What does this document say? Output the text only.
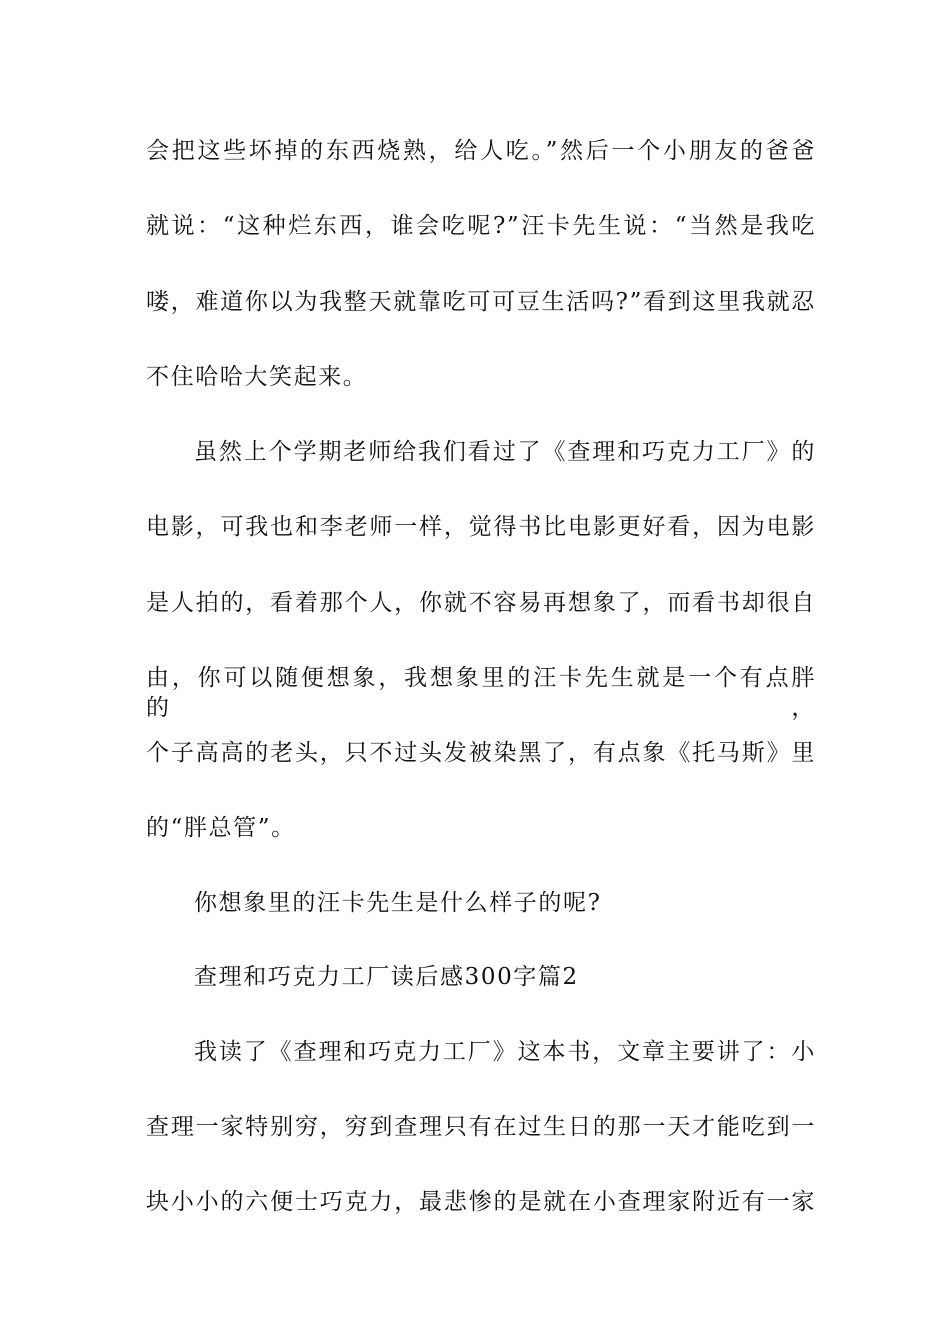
会把这些坏掉的东西烧熟，给人吃。”然后一个小朋友的爸爸
就说：“这种烂东西，谁会吃呢?”汪卡先生说：“当然是我吃
喽，难道你以为我整天就靠吃可可豆生活吗?”看到这里我就忍
不住哈哈大笑起来。
虽然上个学期老师给我们看过了《查理和巧克力工厂》的
电影，可我也和李老师一样，觉得书比电影更好看，因为电影
是人拍的，看着那个人，你就不容易再想象了，而看书却很自
由，你可以随便想象，我想象里的汪卡先生就是一个有点胖的，
个子高高的老头，只不过头发被染黑了，有点象《托马斯》里
的“胖总管”。
你想象里的汪卡先生是什么样子的呢?
查理和巧克力工厂读后感300字篇2
我读了《查理和巧克力工厂》这本书，文章主要讲了：小
查理一家特别穷，穷到查理只有在过生日的那一天才能吃到一
块小小的六便士巧克力，最悲惨的是就在小查理家附近有一家
